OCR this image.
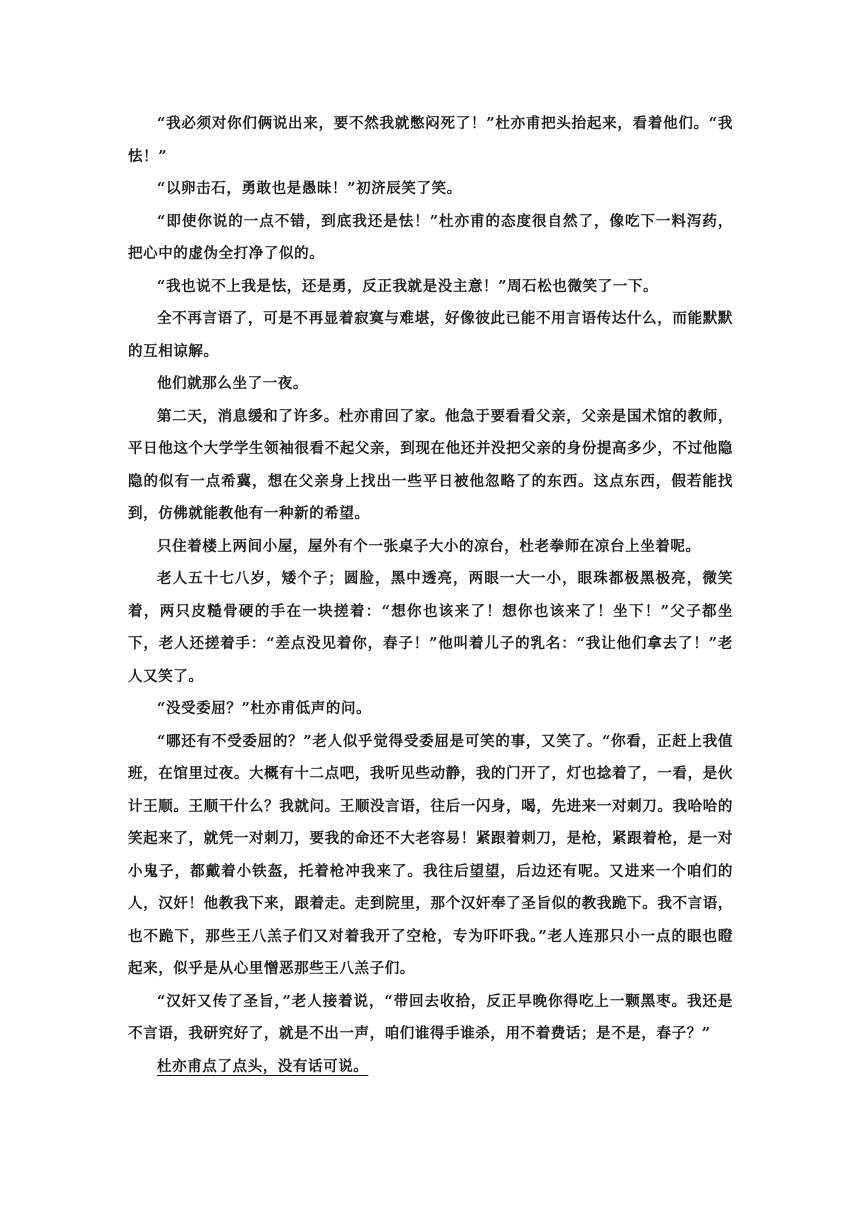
“我必须对你们俩说出来，要不然我就憋闷死了！”杜亦甫把头抬起来，看着他们。“我怯！”

“以卵击石，勇敢也是愚昧！”初济辰笑了笑。

“即使你说的一点不错，到底我还是怯！”杜亦甫的态度很自然了，像吃下一料泻药，把心中的虚伪全打净了似的。

“我也说不上我是怯，还是勇，反正我就是没主意！”周石松也微笑了一下。

全不再言语了，可是不再显着寂寞与难堪，好像彼此已能不用言语传达什么，而能默默的互相谅解。

他们就那么坐了一夜。

第二天，消息缓和了许多。杜亦甫回了家。他急于要看看父亲，父亲是国术馆的教师，平日他这个大学学生领袖很看不起父亲，到现在他还并没把父亲的身份提高多少，不过他隐隐的似有一点希冀，想在父亲身上找出一些平日被他忽略了的东西。这点东西，假若能找到，仿佛就能教他有一种新的希望。

只住着楼上两间小屋，屋外有个一张桌子大小的凉台，杜老拳师在凉台上坐着呢。

老人五十七八岁，矮个子；圆脸，黑中透亮，两眼一大一小，眼珠都极黑极亮，微笑着，两只皮糙骨硬的手在一块搓着：“想你也该来了！想你也该来了！坐下！”父子都坐下，老人还搓着手：“差点没见着你，春子！”他叫着儿子的乳名：“我让他们拿去了！”老人又笑了。

“没受委屈？”杜亦甫低声的问。

“哪还有不受委屈的？”老人似乎觉得受委屈是可笑的事，又笑了。“你看，正赶上我值班，在馆里过夜。大概有十二点吧，我听见些动静，我的门开了，灯也捻着了，一看，是伙计王顺。王顺干什么？我就问。王顺没言语，往后一闪身，喝，先进来一对刺刀。我哈哈的笑起来了，就凭一对刺刀，要我的命还不大老容易！紧跟着刺刀，是枪，紧跟着枪，是一对小鬼子，都戴着小铁盔，托着枪冲我来了。我往后望望，后边还有呢。又进来一个咱们的人，汉奸！他教我下来，跟着走。走到院里，那个汉奸奉了圣旨似的教我跪下。我不言语，也不跪下，那些王八羔子们又对着我开了空枪，专为吓吓我。”老人连那只小一点的眼也瞪起来，似乎是从心里憎恶那些王八羔子们。

“汉奸又传了圣旨，”老人接着说，“带回去收拾，反正早晚你得吃上一颗黑枣。我还是不言语，我研究好了，就是不出一声，咱们谁得手谁杀，用不着费话；是不是，春子？”

杜亦甫点了点头，没有话可说。
